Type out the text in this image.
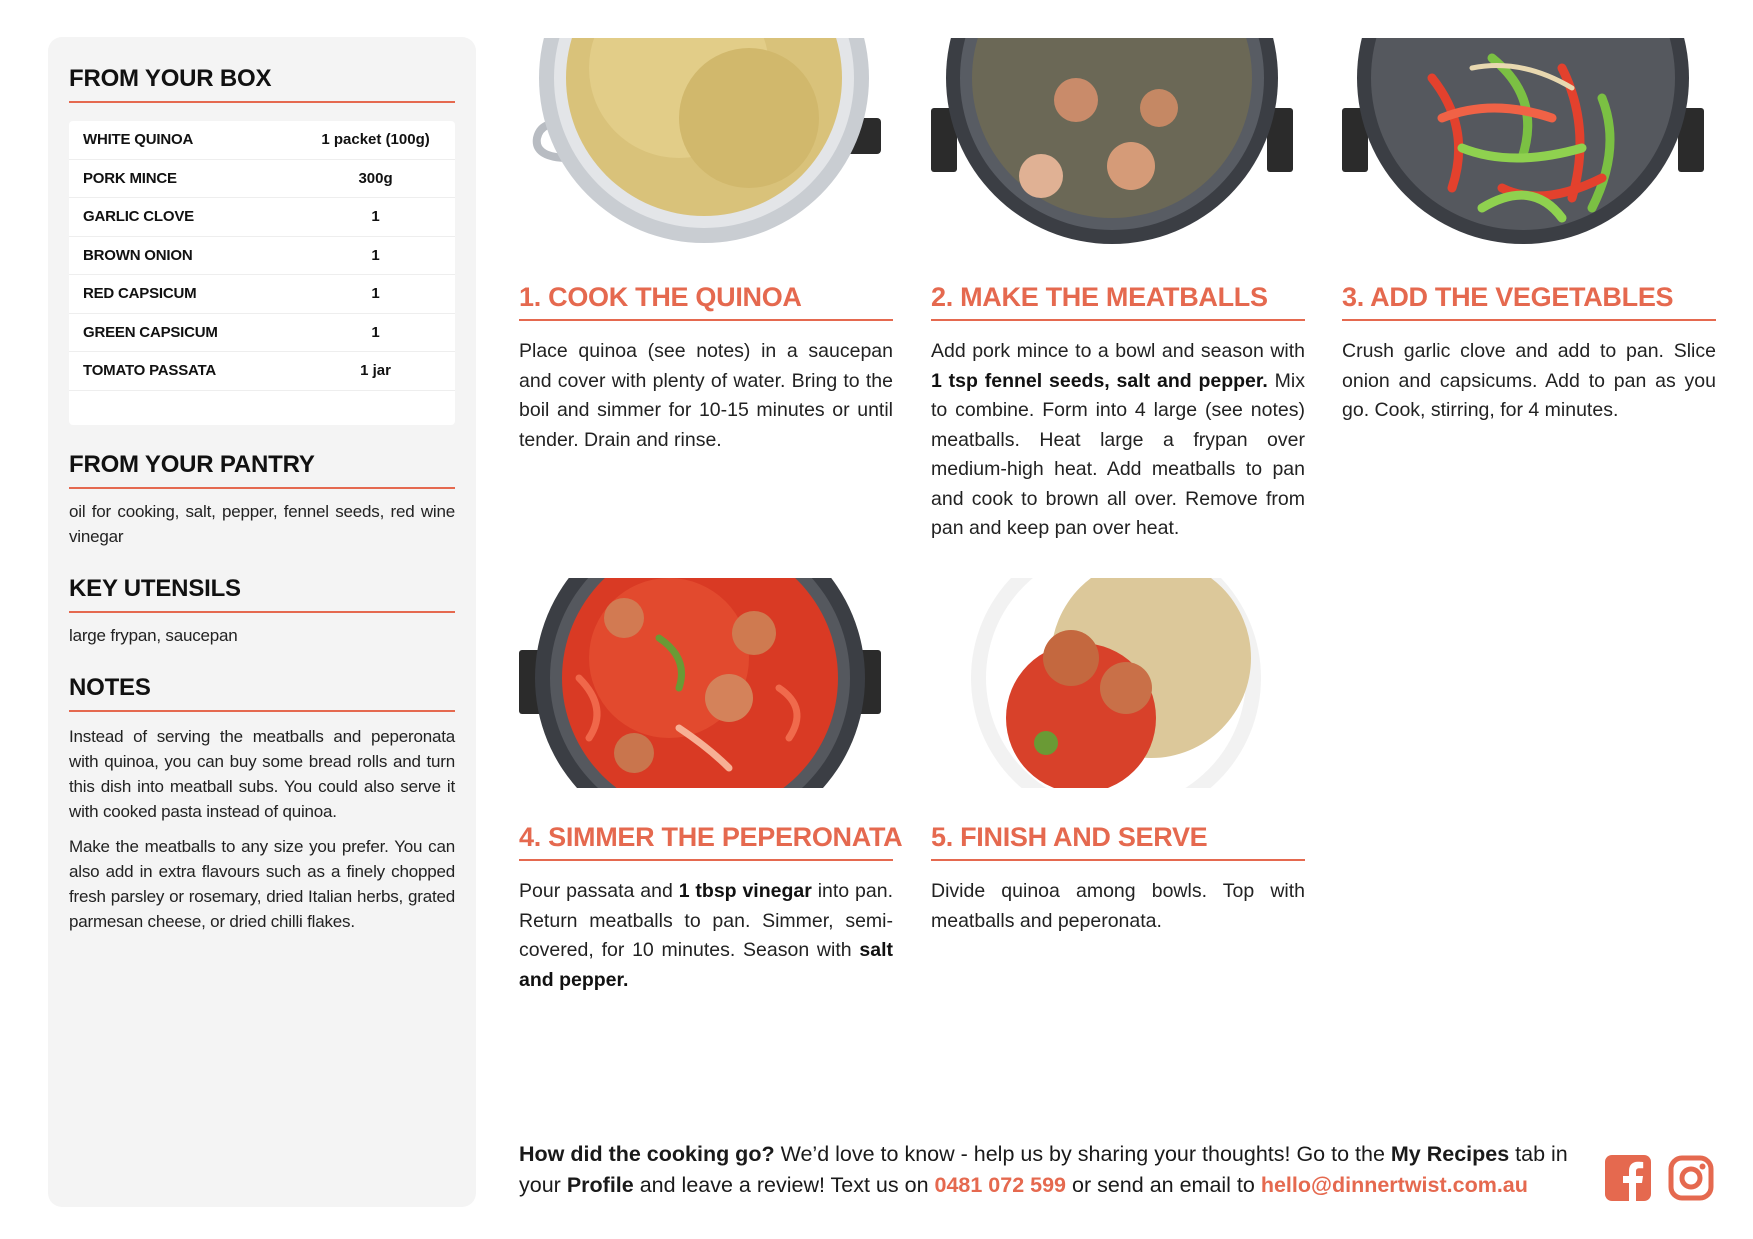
FROM YOUR BOX
WHITE QUINOA	1 packet (100g)
PORK MINCE	300g
GARLIC CLOVE	1
BROWN ONION	1
RED CAPSICUM	1
GREEN CAPSICUM	1
TOMATO PASSATA	1 jar
FROM YOUR PANTRY

oil for cooking, salt, pepper, fennel seeds, red wine vinegar

KEY UTENSILS

large frypan, saucepan

NOTES

Instead of serving the meatballs and peperonata with quinoa, you can buy some bread rolls and turn this dish into meatball subs. You could also serve it with cooked pasta instead of quinoa.

Make the meatballs to any size you prefer. You can also add in extra flavours such as a finely chopped fresh parsley or rosemary, dried Italian herbs, grated parmesan cheese, or dried chilli flakes.

1. COOK THE QUINOA

Place quinoa (see notes) in a saucepan and cover with plenty of water. Bring to the boil and simmer for 10-15 minutes or until tender. Drain and rinse.

2. MAKE THE MEATBALLS

Add pork mince to a bowl and season with 1 tsp fennel seeds, salt and pepper. Mix to combine. Form into 4 large (see notes) meatballs. Heat large a frypan over medium-high heat. Add meatballs to pan and cook to brown all over. Remove from pan and keep pan over heat.

3. ADD THE VEGETABLES

Crush garlic clove and add to pan. Slice onion and capsicums. Add to pan as you go. Cook, stirring, for 4 minutes.

4. SIMMER THE PEPERONATA

Pour passata and 1 tbsp vinegar into pan. Return meatballs to pan. Simmer, semi-covered, for 10 minutes. Season with salt and pepper.

5. FINISH AND SERVE

Divide quinoa among bowls. Top with meatballs and peperonata.

How did the cooking go? We’d love to know - help us by sharing your thoughts! Go to the My Recipes tab in your Profile and leave a review! Text us on 0481 072 599 or send an email to hello@dinnertwist.com.au
